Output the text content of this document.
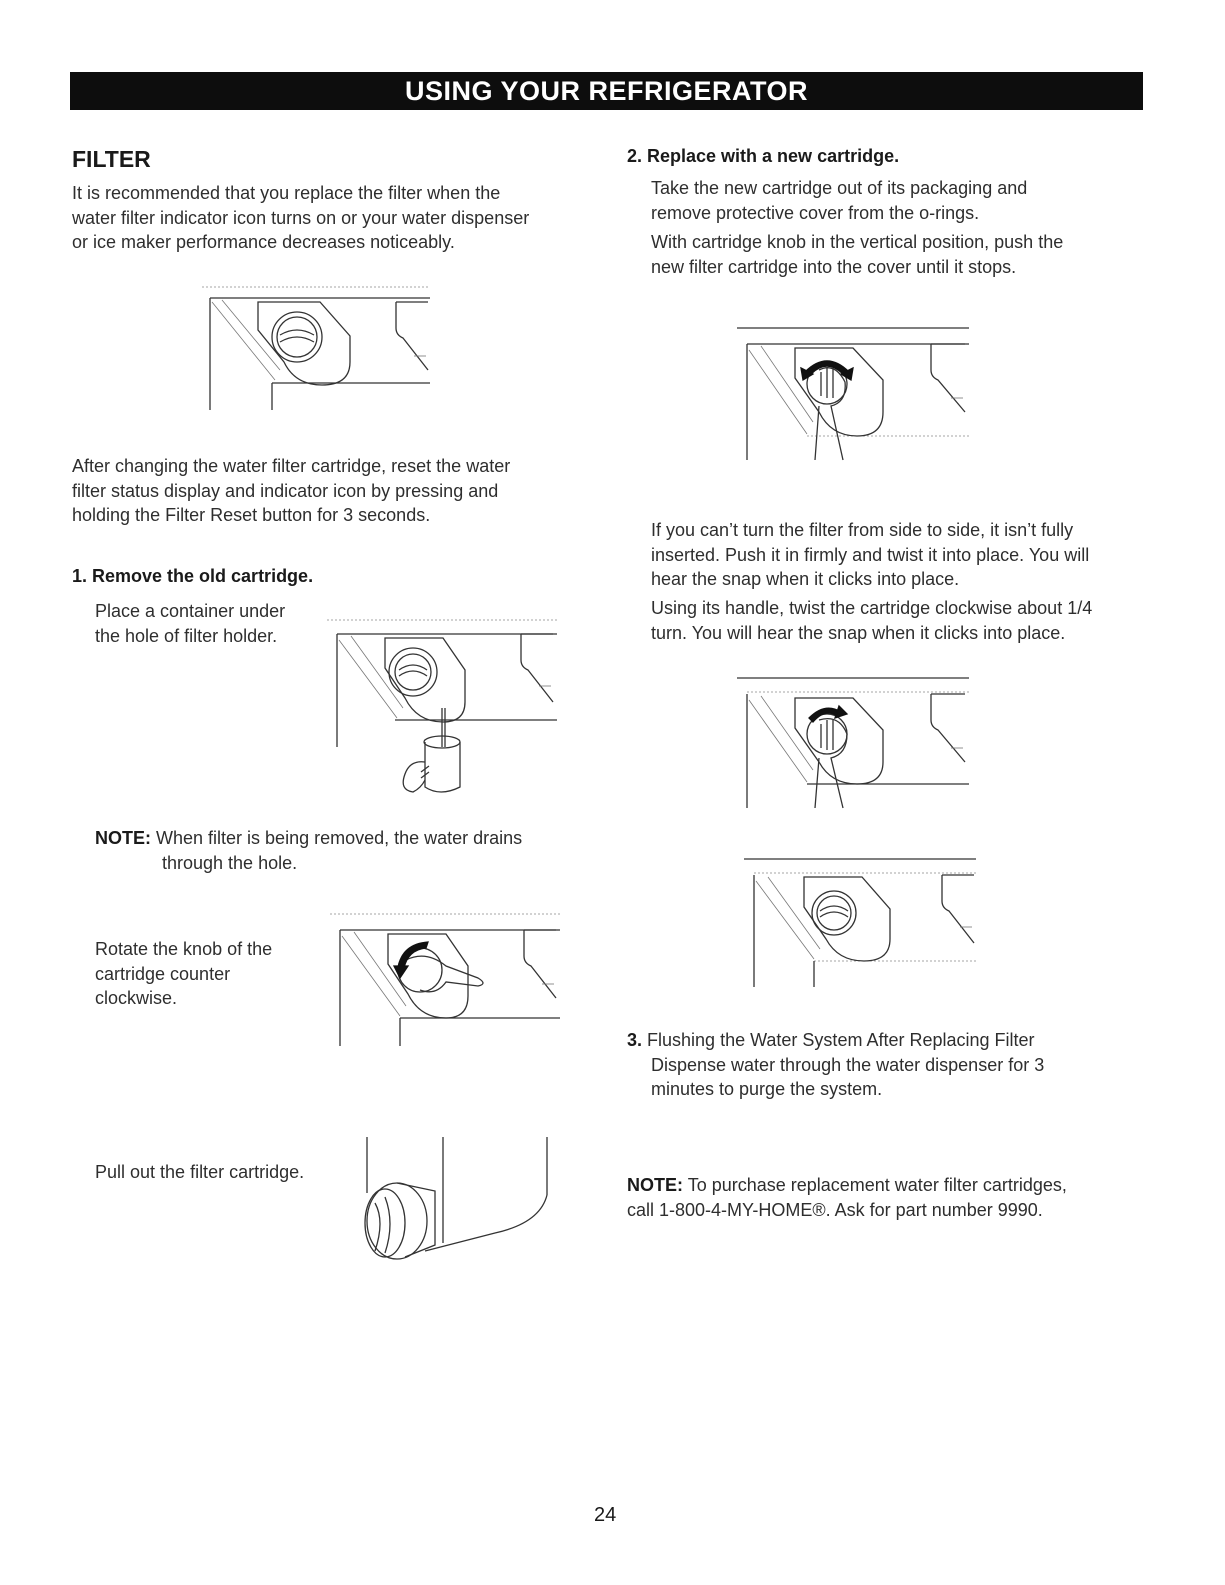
USING YOUR REFRIGERATOR
FILTER
It is recommended that you replace the filter when the
water filter indicator icon turns on or your water dispenser
or ice maker performance decreases noticeably.
After changing the water filter cartridge, reset the water
filter status display and indicator icon by pressing and
holding the Filter Reset button for 3 seconds.
1. Remove the old cartridge.
Place a container under
the hole of filter holder.
NOTE: When filter is being removed, the water drains
through the hole.
Rotate the knob of the
cartridge counter
clockwise.
Pull out the filter cartridge.
2. Replace with a new cartridge.
Take the new cartridge out of its packaging and
remove protective cover from the o-rings.
With cartridge knob in the vertical position, push the
new filter cartridge into the cover until it stops.
If you can’t turn the filter from side to side, it isn’t fully
inserted. Push it in firmly and twist it into place. You will
hear the snap when it clicks into place.
Using its handle, twist the cartridge clockwise about 1/4
turn. You will hear the snap when it clicks into place.
3. Flushing the Water System After Replacing Filter
Dispense water through the water dispenser for 3
minutes to purge the system.
NOTE: To purchase replacement water filter cartridges,
call 1-800-4-MY-HOME®. Ask for part number 9990.
24
